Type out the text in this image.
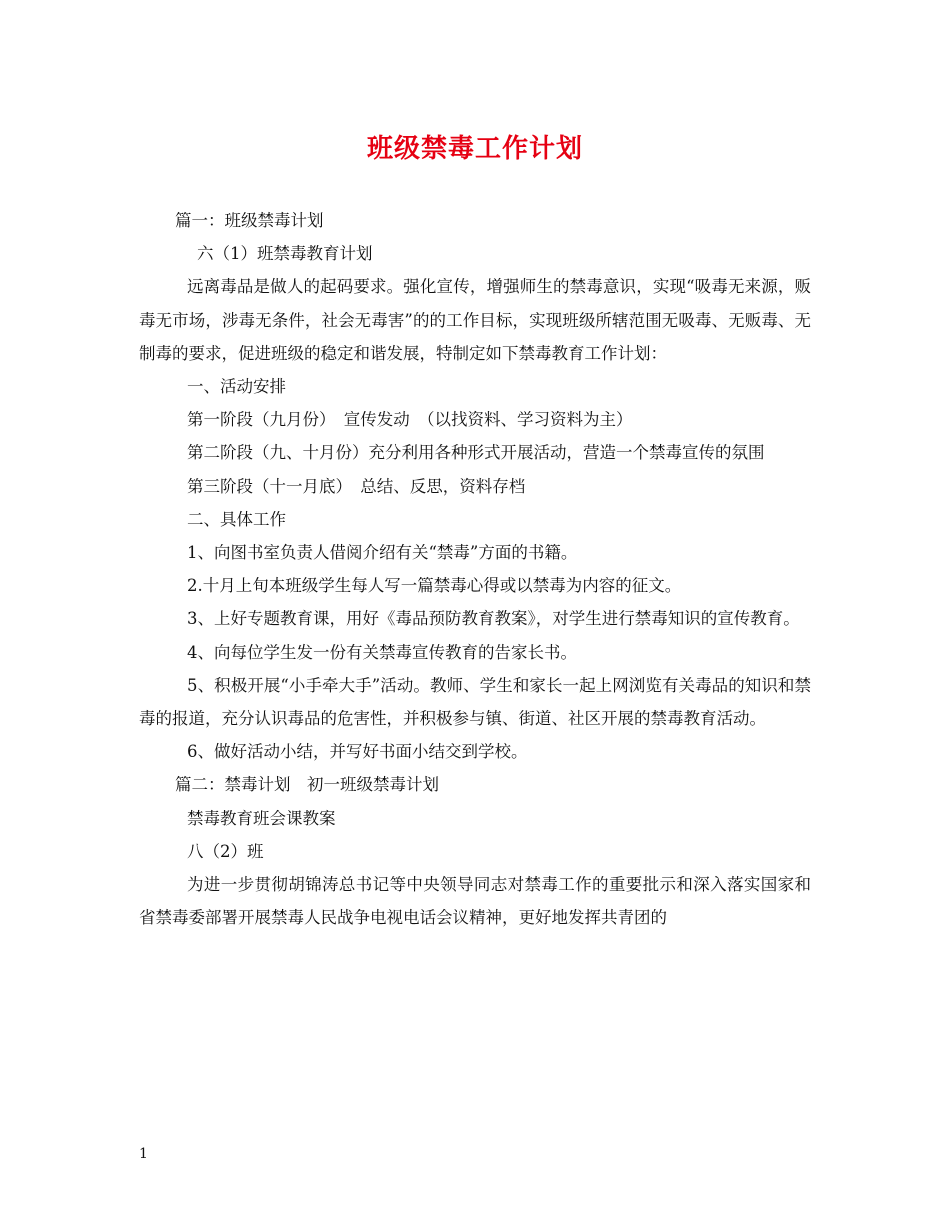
班级禁毒工作计划

篇一：班级禁毒计划

六（1）班禁毒教育计划

远离毒品是做人的起码要求。强化宣传，增强师生的禁毒意识，实现“吸毒无来源，贩毒无市场，涉毒无条件，社会无毒害”的的工作目标，实现班级所辖范围无吸毒、无贩毒、无制毒的要求，促进班级的稳定和谐发展，特制定如下禁毒教育工作计划：

一、活动安排

第一阶段（九月份）　宣传发动　（以找资料、学习资料为主）

第二阶段（九、十月份）充分利用各种形式开展活动，营造一个禁毒宣传的氛围

第三阶段（十一月底）　总结、反思，资料存档

二、具体工作

1、向图书室负责人借阅介绍有关“禁毒”方面的书籍。

2.十月上旬本班级学生每人写一篇禁毒心得或以禁毒为内容的征文。

3、上好专题教育课，用好《毒品预防教育教案》，对学生进行禁毒知识的宣传教育。

4、向每位学生发一份有关禁毒宣传教育的告家长书。

5、积极开展“小手牵大手”活动。教师、学生和家长一起上网浏览有关毒品的知识和禁毒的报道，充分认识毒品的危害性，并积极参与镇、街道、社区开展的禁毒教育活动。

6、做好活动小结，并写好书面小结交到学校。

篇二：禁毒计划　初一班级禁毒计划

禁毒教育班会课教案

八（2）班

为进一步贯彻胡锦涛总书记等中央领导同志对禁毒工作的重要批示和深入落实国家和省禁毒委部署开展禁毒人民战争电视电话会议精神，更好地发挥共青团的

1
